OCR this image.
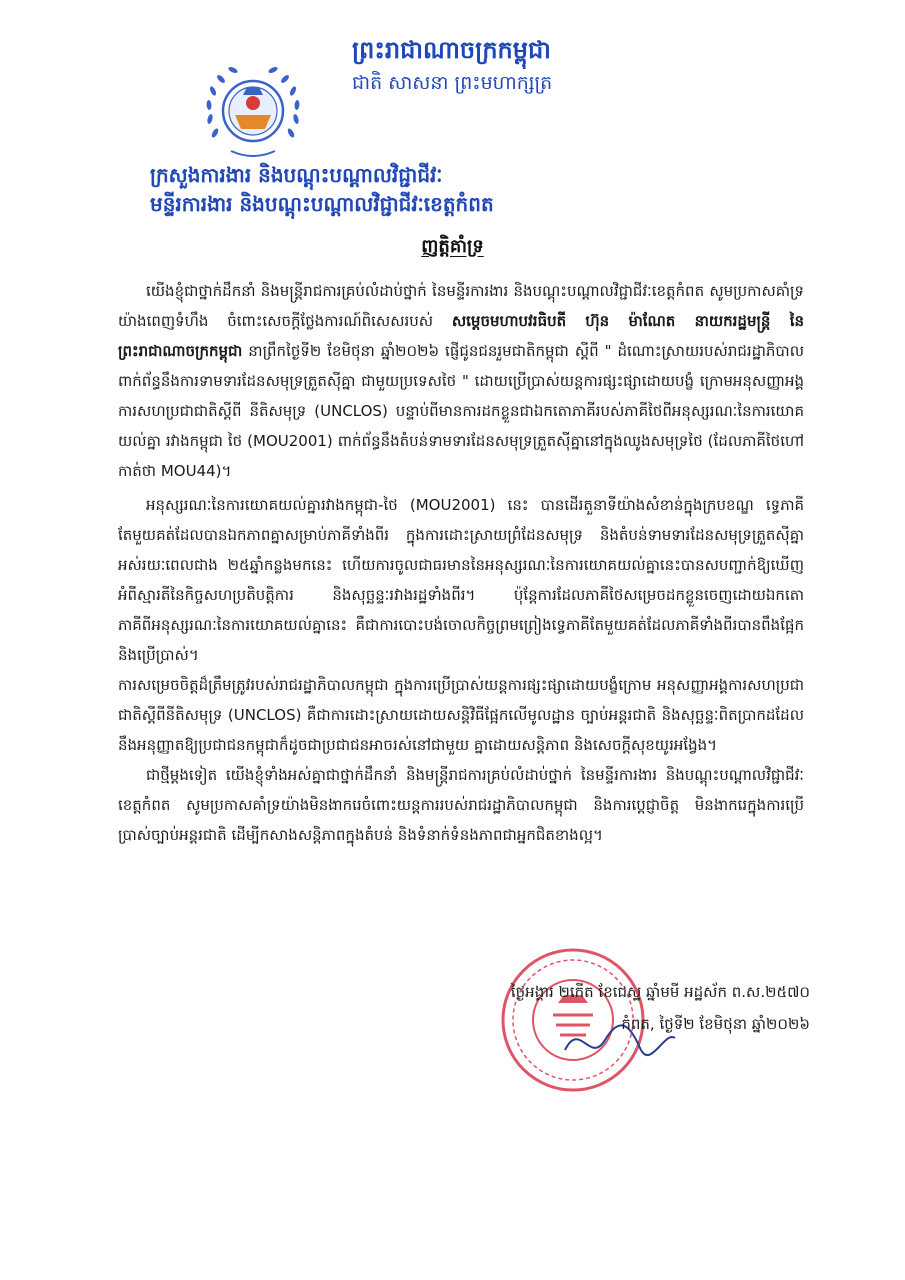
ព្រះរាជាណាចក្រកម្ពុជា
ជាតិ សាសនា ព្រះមហាក្សត្រ
ក្រសួងការងារ និងបណ្តុះបណ្តាលវិជ្ជាជីវៈ
មន្ទីរការងារ និងបណ្តុះបណ្តាលវិជ្ជាជីវៈខេត្តកំពត
ញត្តិគាំទ្រ

យើងខ្ញុំជាថ្នាក់ដឹកនាំ និងមន្ត្រីរាជការគ្រប់លំដាប់ថ្នាក់ នៃមន្ទីរការងារ និងបណ្តុះបណ្តាលវិជ្ជាជីវៈខេត្តកំពត សូមប្រកាសគាំទ្រយ៉ាងពេញទំហឹង ចំពោះសេចក្តីថ្លែងការណ៍ពិសេសរបស់ សម្តេចមហាបវរធិបតី ហ៊ុន ម៉ាណែត នាយករដ្ឋមន្ត្រី នៃព្រះរាជាណាចក្រកម្ពុជា នាព្រឹកថ្ងៃទី២ ខែមិថុនា ឆ្នាំ២០២៦ ផ្ញើជូនជនរួមជាតិកម្ពុជា ស្តីពី " ដំណោះស្រាយរបស់រាជរដ្ឋាភិបាល ពាក់ព័ន្ធនឹងការទាមទារដែនសមុទ្រត្រួតស៊ីគ្នា ជាមួយប្រទេសថៃ " ដោយប្រើប្រាស់យន្តការផ្សះផ្សាដោយបង្ខំ ក្រោមអនុសញ្ញាអង្គការសហប្រជាជាតិស្តីពី នីតិសមុទ្រ (UNCLOS) បន្ទាប់ពីមានការដកខ្លួនជាឯកតោភាគីរបស់ភាគីថៃពីអនុស្សរណៈនៃការយោគយល់គ្នា រវាងកម្ពុជា ថៃ (MOU2001) ពាក់ព័ន្ធនឹងតំបន់ទាមទារដែនសមុទ្រត្រួតស៊ីគ្នានៅក្នុងឈូងសមុទ្រថៃ (ដែលភាគីថៃហៅកាត់ថា MOU44)។

អនុស្សរណៈនៃការយោគយល់គ្នារវាងកម្ពុជា-ថៃ (MOU2001) នេះ បានដើរតួនាទីយ៉ាងសំខាន់ក្នុងក្របខណ្ឌ ទ្វេភាគីតែមួយគត់ដែលបានឯកភាពគ្នាសម្រាប់ភាគីទាំងពីរ ក្នុងការដោះស្រាយព្រំដែនសមុទ្រ និងតំបន់ទាមទារដែនសមុទ្រត្រួតស៊ីគ្នាអស់រយៈពេលជាង ២៥ឆ្នាំកន្លងមកនេះ ហើយការចូលជាធរមាននៃអនុស្សរណៈនៃការយោគយល់គ្នានេះបានសបញ្ជាក់ឱ្យឃើញអំពីស្មារតីនៃកិច្ចសហប្រតិបត្តិការ និងសុច្ឆន្ទៈរវាងរដ្ឋទាំងពីរ។ ប៉ុន្តែការដែលភាគីថៃសម្រេចដកខ្លួនចេញដោយឯកតោភាគីពីអនុស្សរណៈនៃការយោគយល់គ្នានេះ គឺជាការបោះបង់ចោលកិច្ចព្រមព្រៀងទ្វេភាគីតែមួយគត់ដែលភាគីទាំងពីរបានពឹងផ្អែកនិងប្រើប្រាស់។

ការសម្រេចចិត្តដ៏ត្រឹមត្រូវរបស់រាជរដ្ឋាភិបាលកម្ពុជា ក្នុងការប្រើប្រាស់យន្តការផ្សះផ្សាដោយបង្ខំក្រោម អនុសញ្ញាអង្គការសហប្រជាជាតិស្តីពីនីតិសមុទ្រ (UNCLOS) គឺជាការដោះស្រាយដោយសន្តិវិធីផ្អែកលើមូលដ្ឋាន ច្បាប់អន្តរជាតិ និងសុច្ឆន្ទៈពិតប្រាកដដែលនឹងអនុញ្ញាតឱ្យប្រជាជនកម្ពុជាក៏ដូចជាប្រជាជនអាចរស់នៅជាមួយ គ្នាដោយសន្តិភាព និងសេចក្តីសុខយូរអង្វែង។

ជាថ្មីម្តងទៀត យើងខ្ញុំទាំងអស់គ្នាជាថ្នាក់ដឹកនាំ និងមន្ត្រីរាជការគ្រប់លំដាប់ថ្នាក់ នៃមន្ទីរការងារ និងបណ្តុះបណ្តាលវិជ្ជាជីវៈខេត្តកំពត សូមប្រកាសគាំទ្រយ៉ាងមិនងាករេចំពោះយន្តការរបស់រាជរដ្ឋាភិបាលកម្ពុជា និងការប្តេជ្ញាចិត្ត មិនងាករេក្នុងការប្រើប្រាស់ច្បាប់អន្តរជាតិ ដើម្បីកសាងសន្តិភាពក្នុងតំបន់ និងទំនាក់ទំនងភាពជាអ្នកជិតខាងល្អ។

ថ្ងៃអង្គារ ២កើត ខែជេស្ឋ ឆ្នាំមមី អដ្ឋស័ក ព.ស.២៥៧០
កំពត, ថ្ងៃទី២ ខែមិថុនា ឆ្នាំ២០២៦
